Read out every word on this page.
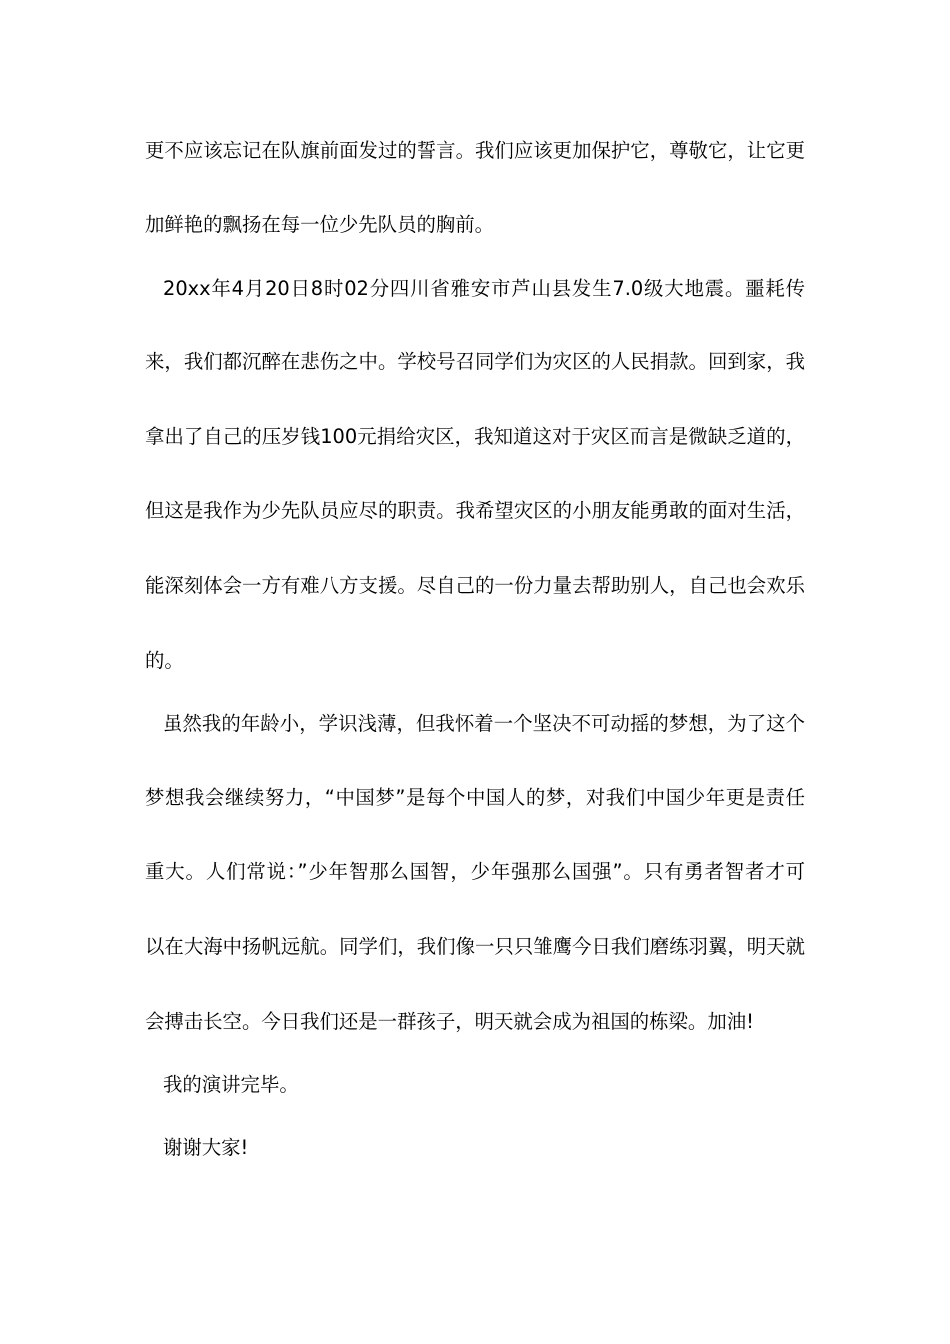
更不应该忘记在队旗前面发过的誓言。我们应该更加保护它，尊敬它，让它更
加鲜艳的飘扬在每一位少先队员的胸前。
20xx年4月20日8时02分四川省雅安市芦山县发生7.0级大地震。噩耗传
来，我们都沉醉在悲伤之中。学校号召同学们为灾区的人民捐款。回到家，我
拿出了自己的压岁钱100元捐给灾区，我知道这对于灾区而言是微缺乏道的，
但这是我作为少先队员应尽的职责。我希望灾区的小朋友能勇敢的面对生活，
能深刻体会一方有难八方支援。尽自己的一份力量去帮助别人，自己也会欢乐
的。
虽然我的年龄小，学识浅薄，但我怀着一个坚决不可动摇的梦想，为了这个
梦想我会继续努力，“中国梦”是每个中国人的梦，对我们中国少年更是责任
重大。人们常说：”少年智那么国智，少年强那么国强”。只有勇者智者才可
以在大海中扬帆远航。同学们，我们像一只只雏鹰今日我们磨练羽翼，明天就
会搏击长空。今日我们还是一群孩子，明天就会成为祖国的栋梁。加油!
我的演讲完毕。
谢谢大家!
